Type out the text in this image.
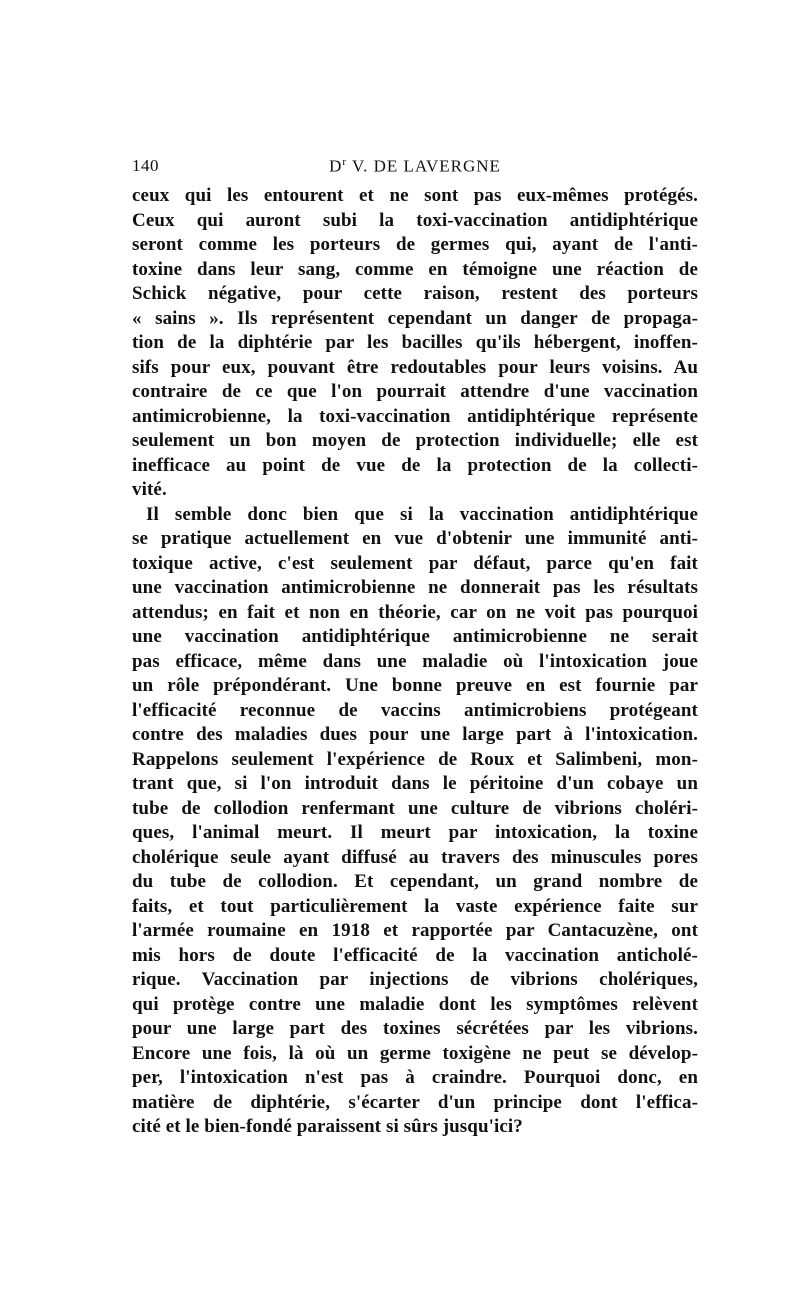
140	$D^r$ V. DE LAVERGNE
ceux qui les entourent et ne sont pas eux-mêmes protégés.
Ceux qui auront subi la toxi-vaccination antidiphtérique
seront comme les porteurs de germes qui, ayant de l'anti-
toxine dans leur sang, comme en témoigne une réaction de
Schick négative, pour cette raison, restent des porteurs
« sains ». Ils représentent cependant un danger de propaga-
tion de la diphtérie par les bacilles qu'ils hébergent, inoffen-
sifs pour eux, pouvant être redoutables pour leurs voisins. Au
contraire de ce que l'on pourrait attendre d'une vaccination
antimicrobienne, la toxi-vaccination antidiphtérique représente
seulement un bon moyen de protection individuelle; elle est
inefficace au point de vue de la protection de la collecti-
vité.
Il semble donc bien que si la vaccination antidiphtérique
se pratique actuellement en vue d'obtenir une immunité anti-
toxique active, c'est seulement par défaut, parce qu'en fait
une vaccination antimicrobienne ne donnerait pas les résultats
attendus; en fait et non en théorie, car on ne voit pas pourquoi
une vaccination antidiphtérique antimicrobienne ne serait
pas efficace, même dans une maladie où l'intoxication joue
un rôle prépondérant. Une bonne preuve en est fournie par
l'efficacité reconnue de vaccins antimicrobiens protégeant
contre des maladies dues pour une large part à l'intoxication.
Rappelons seulement l'expérience de Roux et Salimbeni, mon-
trant que, si l'on introduit dans le péritoine d'un cobaye un
tube de collodion renfermant une culture de vibrions choléri-
ques, l'animal meurt. Il meurt par intoxication, la toxine
cholérique seule ayant diffusé au travers des minuscules pores
du tube de collodion. Et cependant, un grand nombre de
faits, et tout particulièrement la vaste expérience faite sur
l'armée roumaine en 1918 et rapportée par Cantacuzène, ont
mis hors de doute l'efficacité de la vaccination anticholé-
rique. Vaccination par injections de vibrions cholériques,
qui protège contre une maladie dont les symptômes relèvent
pour une large part des toxines sécrétées par les vibrions.
Encore une fois, là où un germe toxigène ne peut se dévelop-
per, l'intoxication n'est pas à craindre. Pourquoi donc, en
matière de diphtérie, s'écarter d'un principe dont l'effica-
cité et le bien-fondé paraissent si sûrs jusqu'ici?
